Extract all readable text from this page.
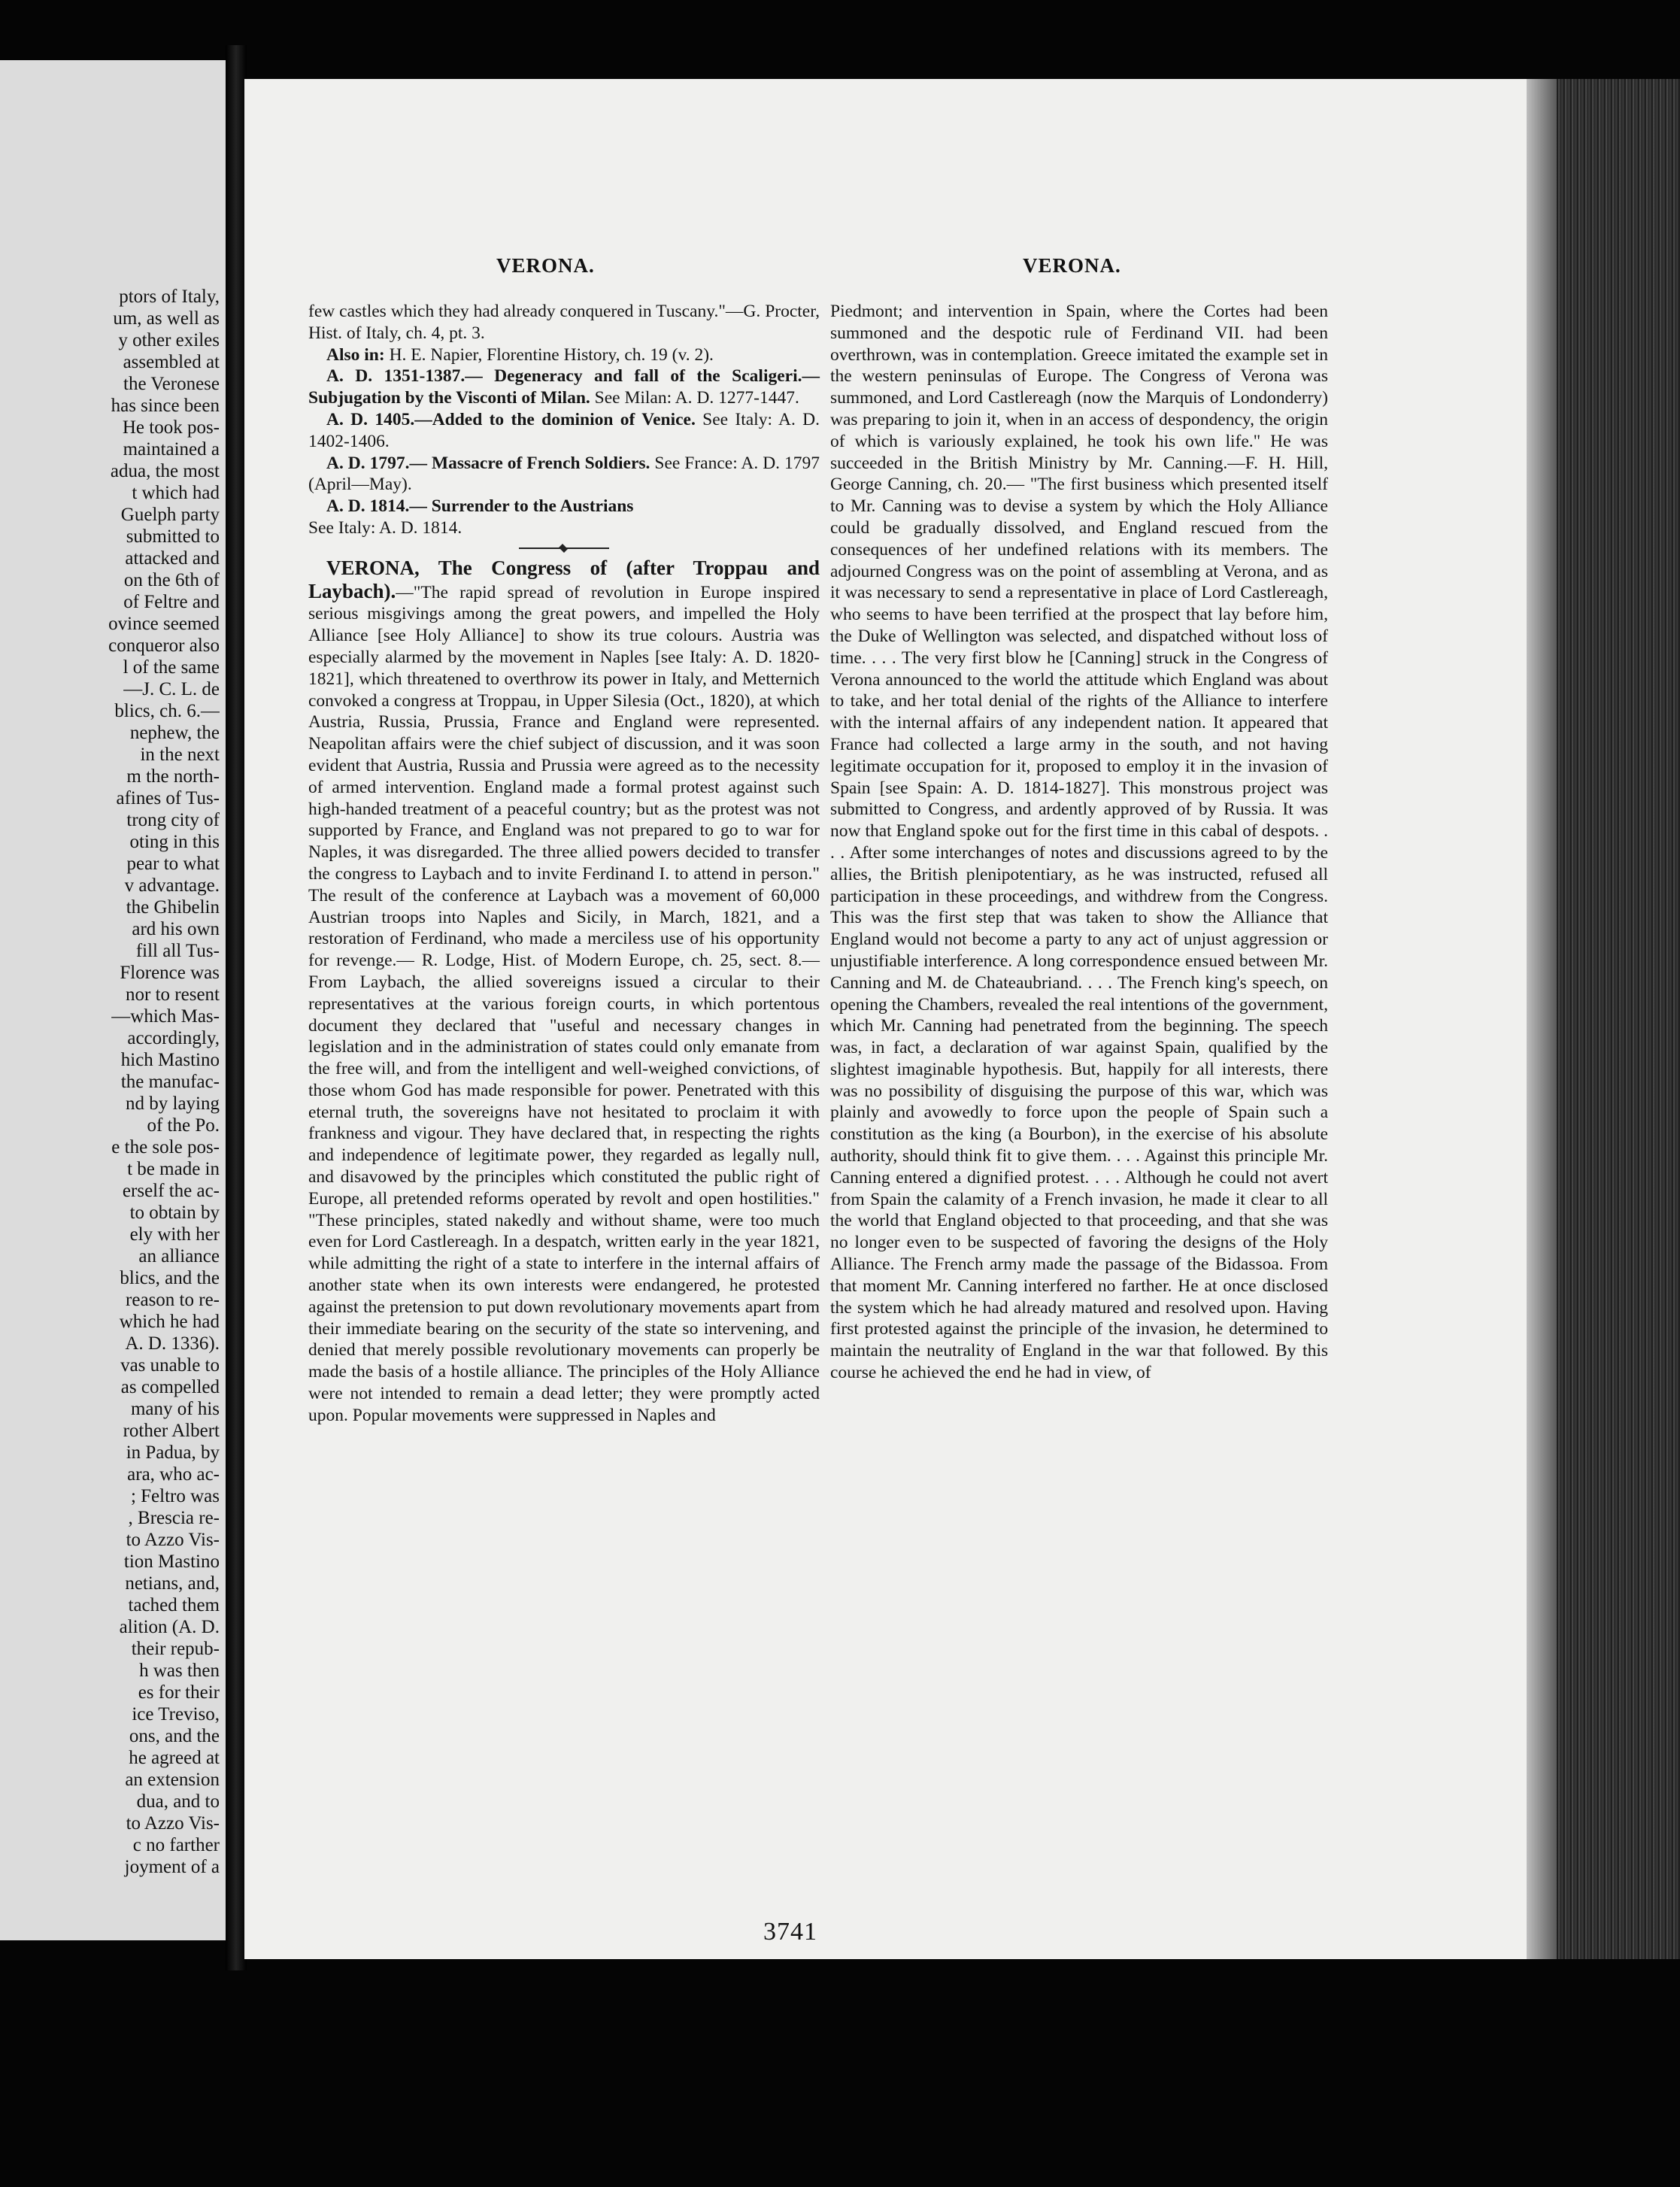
ptors of Italy,
um, as well as
y other exiles
assembled at
the Veronese
has since been
He took pos-
maintained a
adua, the most
t which had
Guelph party
submitted to
attacked and
on the 6th of
of Feltre and
ovince seemed
conqueror also
l of the same
—J. C. L. de
blics, ch. 6.—
nephew, the
in the next
m the north-
afines of Tus-
trong city of
oting in this
pear to what
v advantage.
the Ghibelin
ard his own
fill all Tus-
Florence was
nor to resent
—which Mas-
accordingly,
hich Mastino
the manufac-
nd by laying
of the Po.
e the sole pos-
t be made in
erself the ac-
to obtain by
ely with her
an alliance
blics, and the
reason to re-
which he had
A. D. 1336).
vas unable to
as compelled
many of his
rother Albert
in Padua, by
ara, who ac-
; Feltro was
, Brescia re-
to Azzo Vis-
tion Mastino
netians, and,
tached them
alition (A. D.
their repub-
h was then
es for their
ice Treviso,
ons, and the
he agreed at
an extension
dua, and to
to Azzo Vis-
c no farther
joyment of a
VERONA.	VERONA.

few castles which they had already conquered in Tuscany."—G. Procter, Hist. of Italy, ch. 4, pt. 3.

Also in: H. E. Napier, Florentine History, ch. 19 (v. 2).

A. D. 1351-1387.— Degeneracy and fall of the Scaligeri.— Subjugation by the Visconti of Milan. See Milan: A. D. 1277-1447.

A. D. 1405.—Added to the dominion of Venice. See Italy: A. D. 1402-1406.

A. D. 1797.— Massacre of French Soldiers. See France: A. D. 1797 (April—May).

A. D. 1814.— Surrender to the Austrians
See Italy: A. D. 1814.

VERONA, The Congress of (after Troppau and Laybach).—"The rapid spread of revolution in Europe inspired serious misgivings among the great powers, and impelled the Holy Alliance [see Holy Alliance] to show its true colours. Austria was especially alarmed by the movement in Naples [see Italy: A. D. 1820-1821], which threatened to overthrow its power in Italy, and Metternich convoked a congress at Troppau, in Upper Silesia (Oct., 1820), at which Austria, Russia, Prussia, France and England were represented. Neapolitan affairs were the chief subject of discussion, and it was soon evident that Austria, Russia and Prussia were agreed as to the necessity of armed intervention. England made a formal protest against such high-handed treatment of a peaceful country; but as the protest was not supported by France, and England was not prepared to go to war for Naples, it was disregarded. The three allied powers decided to transfer the congress to Laybach and to invite Ferdinand I. to attend in person." The result of the conference at Laybach was a movement of 60,000 Austrian troops into Naples and Sicily, in March, 1821, and a restoration of Ferdinand, who made a merciless use of his opportunity for revenge.— R. Lodge, Hist. of Modern Europe, ch. 25, sect. 8.— From Laybach, the allied sovereigns issued a circular to their representatives at the various foreign courts, in which portentous document they declared that "useful and necessary changes in legislation and in the administration of states could only emanate from the free will, and from the intelligent and well-weighed convictions, of those whom God has made responsible for power. Penetrated with this eternal truth, the sovereigns have not hesitated to proclaim it with frankness and vigour. They have declared that, in respecting the rights and independence of legitimate power, they regarded as legally null, and disavowed by the principles which constituted the public right of Europe, all pretended reforms operated by revolt and open hostilities." "These principles, stated nakedly and without shame, were too much even for Lord Castlereagh. In a despatch, written early in the year 1821, while admitting the right of a state to interfere in the internal affairs of another state when its own interests were endangered, he protested against the pretension to put down revolutionary movements apart from their immediate bearing on the security of the state so intervening, and denied that merely possible revolutionary movements can properly be made the basis of a hostile alliance. The principles of the Holy Alliance were not intended to remain a dead letter; they were promptly acted upon. Popular movements were suppressed in Naples and

Piedmont; and intervention in Spain, where the Cortes had been summoned and the despotic rule of Ferdinand VII. had been overthrown, was in contemplation. Greece imitated the example set in the western peninsulas of Europe. The Congress of Verona was summoned, and Lord Castlereagh (now the Marquis of Londonderry) was preparing to join it, when in an access of despondency, the origin of which is variously explained, he took his own life." He was succeeded in the British Ministry by Mr. Canning.—F. H. Hill, George Canning, ch. 20.— "The first business which presented itself to Mr. Canning was to devise a system by which the Holy Alliance could be gradually dissolved, and England rescued from the consequences of her undefined relations with its members. The adjourned Congress was on the point of assembling at Verona, and as it was necessary to send a representative in place of Lord Castlereagh, who seems to have been terrified at the prospect that lay before him, the Duke of Wellington was selected, and dispatched without loss of time. . . . The very first blow he [Canning] struck in the Congress of Verona announced to the world the attitude which England was about to take, and her total denial of the rights of the Alliance to interfere with the internal affairs of any independent nation. It appeared that France had collected a large army in the south, and not having legitimate occupation for it, proposed to employ it in the invasion of Spain [see Spain: A. D. 1814-1827]. This monstrous project was submitted to Congress, and ardently approved of by Russia. It was now that England spoke out for the first time in this cabal of despots. . . . After some interchanges of notes and discussions agreed to by the allies, the British plenipotentiary, as he was instructed, refused all participation in these proceedings, and withdrew from the Congress. This was the first step that was taken to show the Alliance that England would not become a party to any act of unjust aggression or unjustifiable interference. A long correspondence ensued between Mr. Canning and M. de Chateaubriand. . . . The French king's speech, on opening the Chambers, revealed the real intentions of the government, which Mr. Canning had penetrated from the beginning. The speech was, in fact, a declaration of war against Spain, qualified by the slightest imaginable hypothesis. But, happily for all interests, there was no possibility of disguising the purpose of this war, which was plainly and avowedly to force upon the people of Spain such a constitution as the king (a Bourbon), in the exercise of his absolute authority, should think fit to give them. . . . Against this principle Mr. Canning entered a dignified protest. . . . Although he could not avert from Spain the calamity of a French invasion, he made it clear to all the world that England objected to that proceeding, and that she was no longer even to be suspected of favoring the designs of the Holy Alliance. The French army made the passage of the Bidassoa. From that moment Mr. Canning interfered no farther. He at once disclosed the system which he had already matured and resolved upon. Having first protested against the principle of the invasion, he determined to maintain the neutrality of England in the war that followed. By this course he achieved the end he had in view, of

3741
